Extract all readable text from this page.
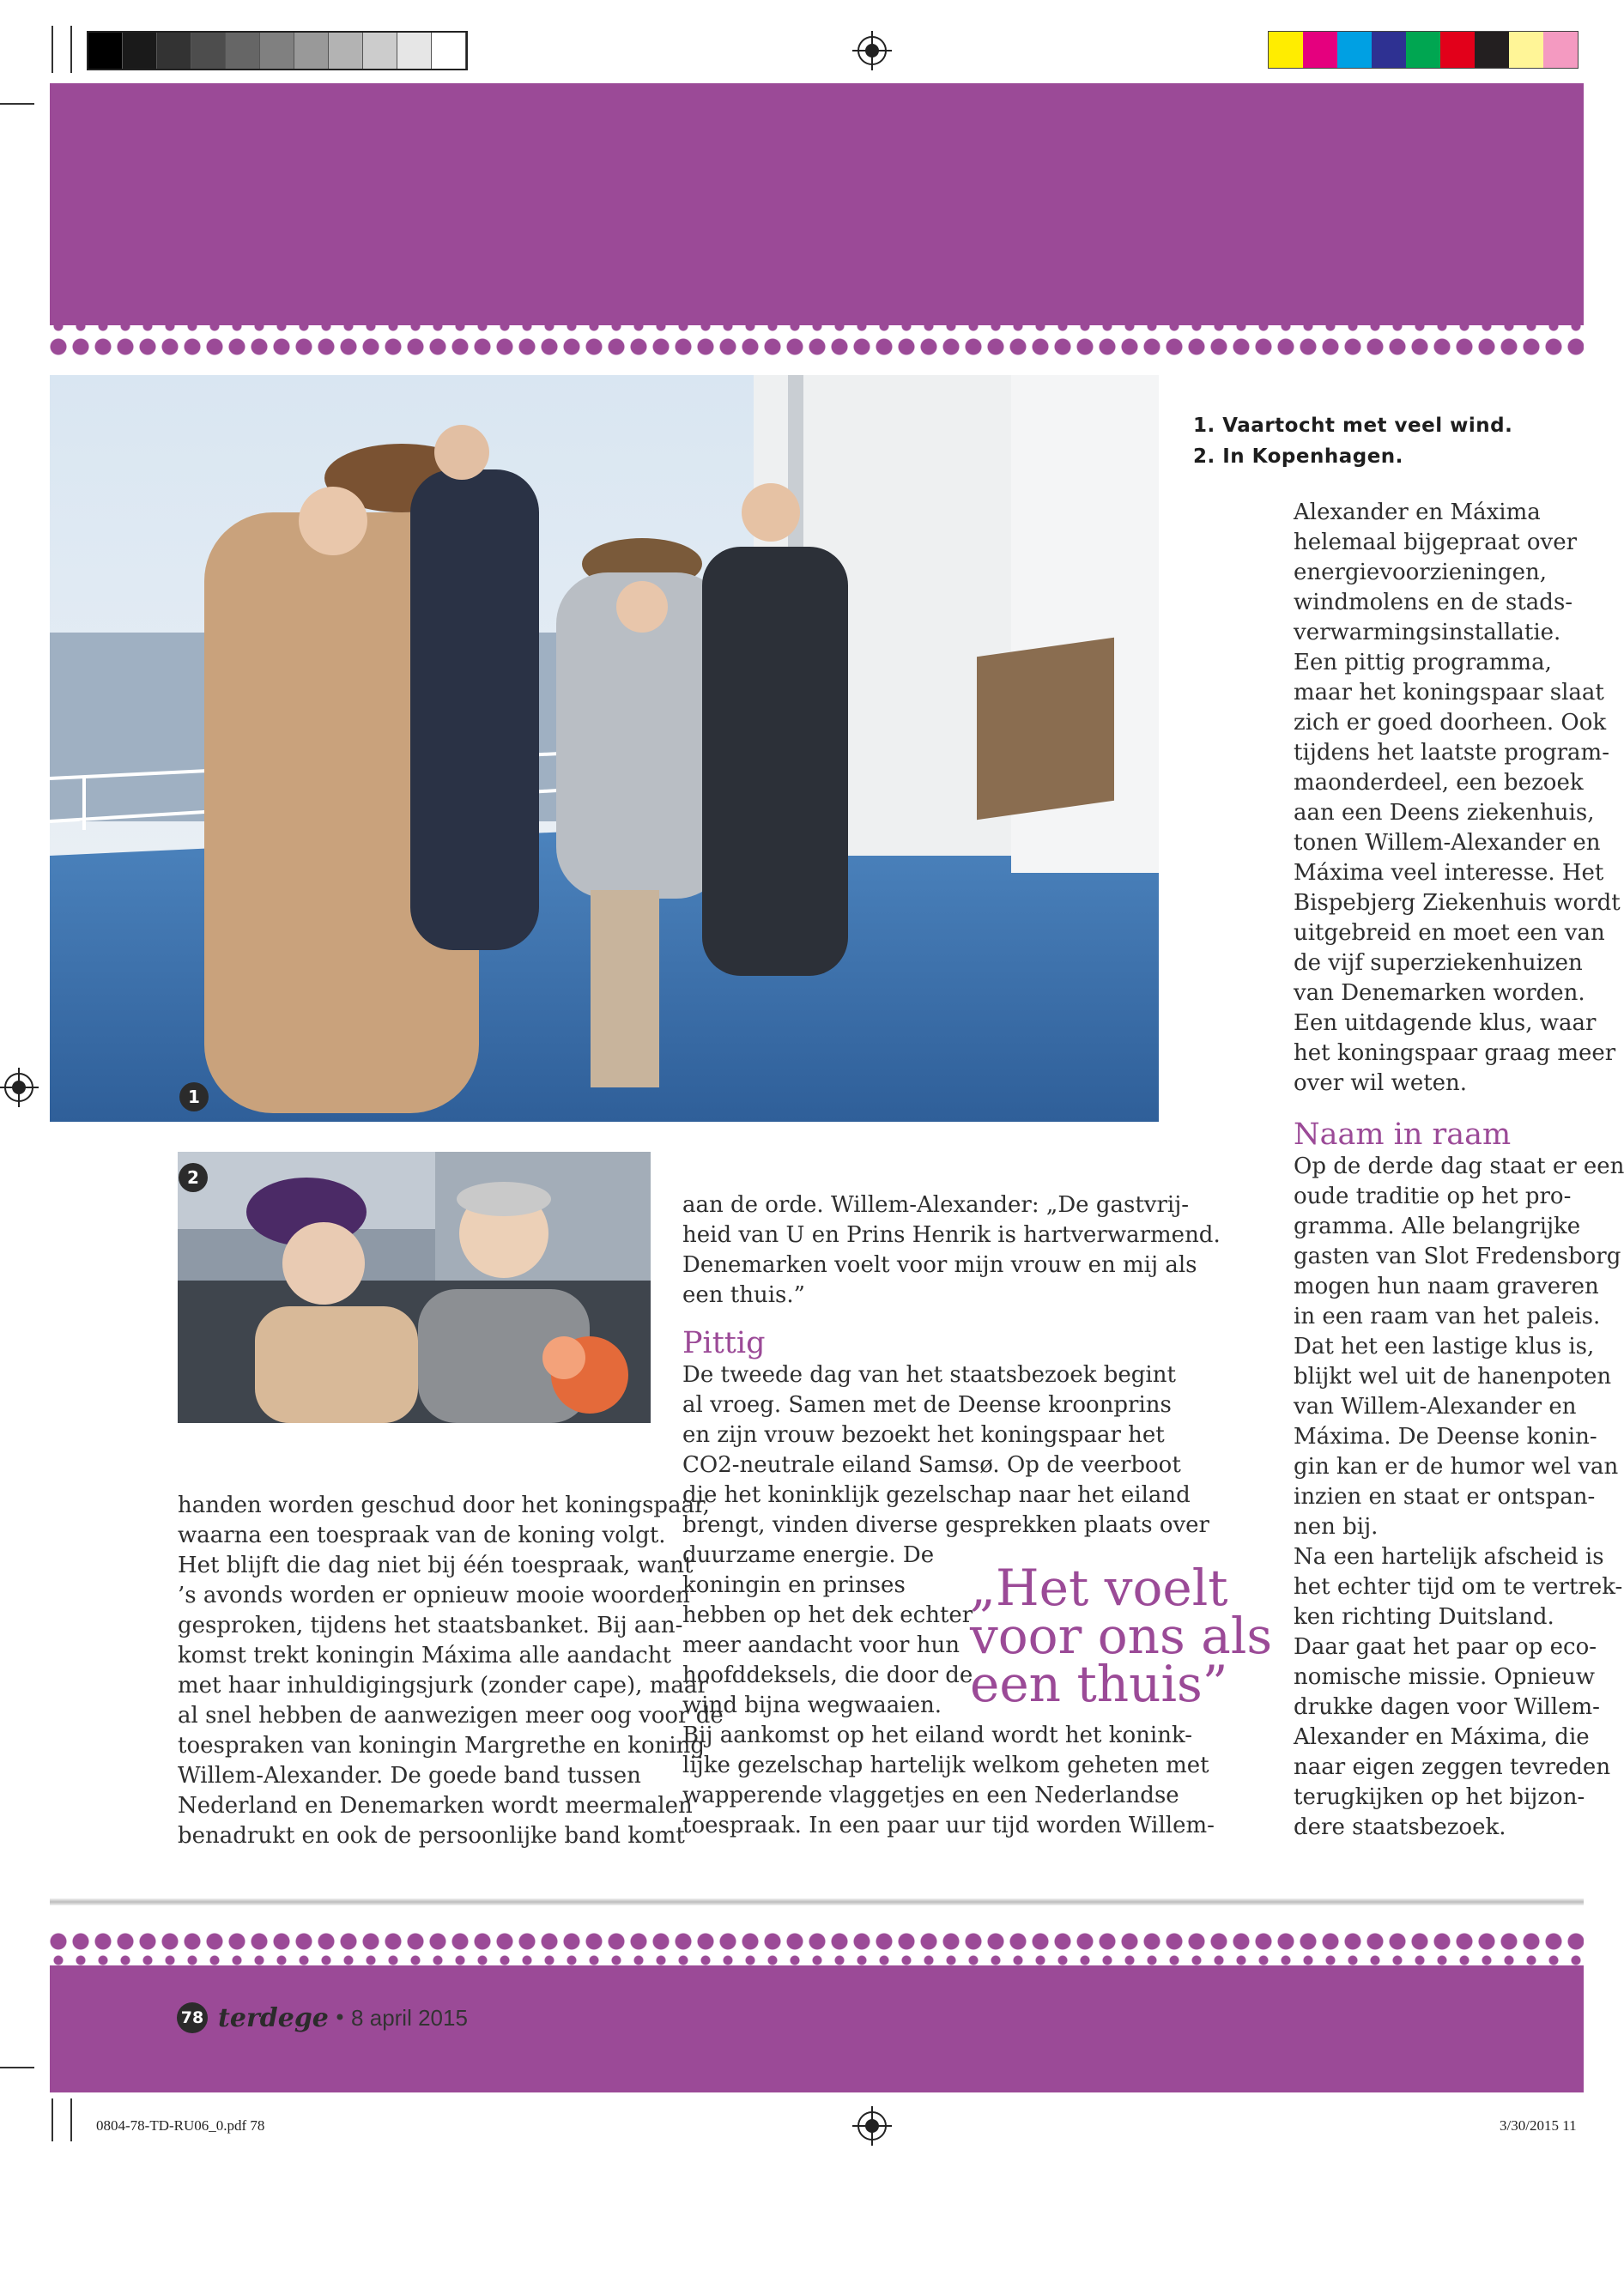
1
2
1. Vaartocht met veel wind.
2. In Kopenhagen.

handen worden geschud door het koningspaar,

waarna een toespraak van de koning volgt.

Het blijft die dag niet bij één toespraak, want

’s avonds worden er opnieuw mooie woorden

gesproken, tijdens het staatsbanket. Bij aan-

komst trekt koningin Máxima alle aandacht

met haar inhuldigingsjurk (zonder cape), maar

al snel hebben de aanwezigen meer oog voor de

toespraken van koningin Margrethe en koning

Willem-Alexander. De goede band tussen

Nederland en Denemarken wordt meermalen

benadrukt en ook de persoonlijke band komt

aan de orde. Willem-Alexander: „De gastvrij-

heid van U en Prins Henrik is hartverwarmend.

Denemarken voelt voor mijn vrouw en mij als

een thuis.”

Pittig

De tweede dag van het staatsbezoek begint

al vroeg. Samen met de Deense kroonprins

en zijn vrouw bezoekt het koningspaar het

CO2-neutrale eiland Samsø. Op de veerboot

die het koninklijk gezelschap naar het eiland

brengt, vinden diverse gesprekken plaats over

duurzame energie. De

koningin en prinses

hebben op het dek echter

meer aandacht voor hun

hoofddeksels, die door de

wind bijna wegwaaien.

Bij aankomst op het eiland wordt het konink-

lijke gezelschap hartelijk welkom geheten met

wapperende vlaggetjes en een Nederlandse

toespraak. In een paar uur tijd worden Willem-

„Het voelt
voor ons als
een thuis”

Alexander en Máxima

helemaal bijgepraat over

energievoorzieningen,

windmolens en de stads-

verwarmingsinstallatie.

Een pittig programma,

maar het koningspaar slaat

zich er goed doorheen. Ook

tijdens het laatste program-

maonderdeel, een bezoek

aan een Deens ziekenhuis,

tonen Willem-Alexander en

Máxima veel interesse. Het

Bispebjerg Ziekenhuis wordt

uitgebreid en moet een van

de vijf superziekenhuizen

van Denemarken worden.

Een uitdagende klus, waar

het koningspaar graag meer

over wil weten.

Naam in raam

Op de derde dag staat er een

oude traditie op het pro-

gramma. Alle belangrijke

gasten van Slot Fredensborg

mogen hun naam graveren

in een raam van het paleis.

Dat het een lastige klus is,

blijkt wel uit de hanenpoten

van Willem-Alexander en

Máxima. De Deense konin-

gin kan er de humor wel van

inzien en staat er ontspan-

nen bij.

Na een hartelijk afscheid is

het echter tijd om te vertrek-

ken richting Duitsland.

Daar gaat het paar op eco-

nomische missie. Opnieuw

drukke dagen voor Willem-

Alexander en Máxima, die

naar eigen zeggen tevreden

terugkijken op het bijzon-

dere staatsbezoek.

78 terdege • 8 april 2015
0804-78-TD-RU06_0.pdf 78	3/30/2015 11
